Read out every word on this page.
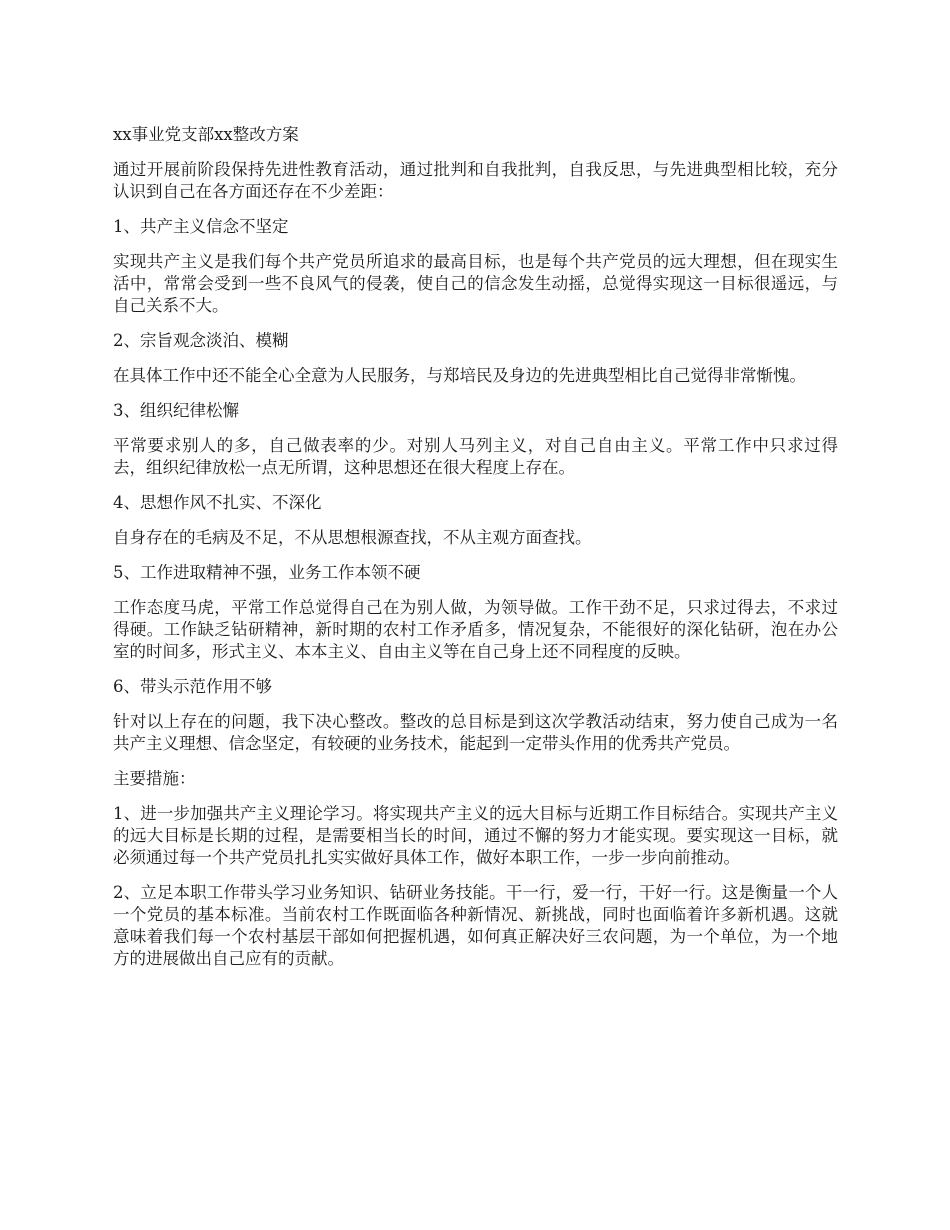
xx事业党支部xx整改方案

通过开展前阶段保持先进性教育活动，通过批判和自我批判，自我反思，与先进典型相比较，充分认识到自己在各方面还存在不少差距：

1、共产主义信念不坚定

实现共产主义是我们每个共产党员所追求的最高目标，也是每个共产党员的远大理想，但在现实生活中，常常会受到一些不良风气的侵袭，使自己的信念发生动摇，总觉得实现这一目标很遥远，与自己关系不大。

2、宗旨观念淡泊、模糊

在具体工作中还不能全心全意为人民服务，与郑培民及身边的先进典型相比自己觉得非常惭愧。

3、组织纪律松懈

平常要求别人的多，自己做表率的少。对别人马列主义，对自己自由主义。平常工作中只求过得去，组织纪律放松一点无所谓，这种思想还在很大程度上存在。

4、思想作风不扎实、不深化

自身存在的毛病及不足，不从思想根源查找，不从主观方面查找。

5、工作进取精神不强，业务工作本领不硬

工作态度马虎，平常工作总觉得自己在为别人做，为领导做。工作干劲不足，只求过得去，不求过得硬。工作缺乏钻研精神，新时期的农村工作矛盾多，情况复杂，不能很好的深化钻研，泡在办公室的时间多，形式主义、本本主义、自由主义等在自己身上还不同程度的反映。

6、带头示范作用不够

针对以上存在的问题，我下决心整改。整改的总目标是到这次学教活动结束，努力使自己成为一名共产主义理想、信念坚定，有较硬的业务技术，能起到一定带头作用的优秀共产党员。

主要措施：

1、进一步加强共产主义理论学习。将实现共产主义的远大目标与近期工作目标结合。实现共产主义的远大目标是长期的过程，是需要相当长的时间，通过不懈的努力才能实现。要实现这一目标，就必须通过每一个共产党员扎扎实实做好具体工作，做好本职工作，一步一步向前推动。

2、立足本职工作带头学习业务知识、钻研业务技能。干一行，爱一行，干好一行。这是衡量一个人一个党员的基本标准。当前农村工作既面临各种新情况、新挑战，同时也面临着许多新机遇。这就意味着我们每一个农村基层干部如何把握机遇，如何真正解决好三农问题，为一个单位，为一个地方的进展做出自己应有的贡献。
